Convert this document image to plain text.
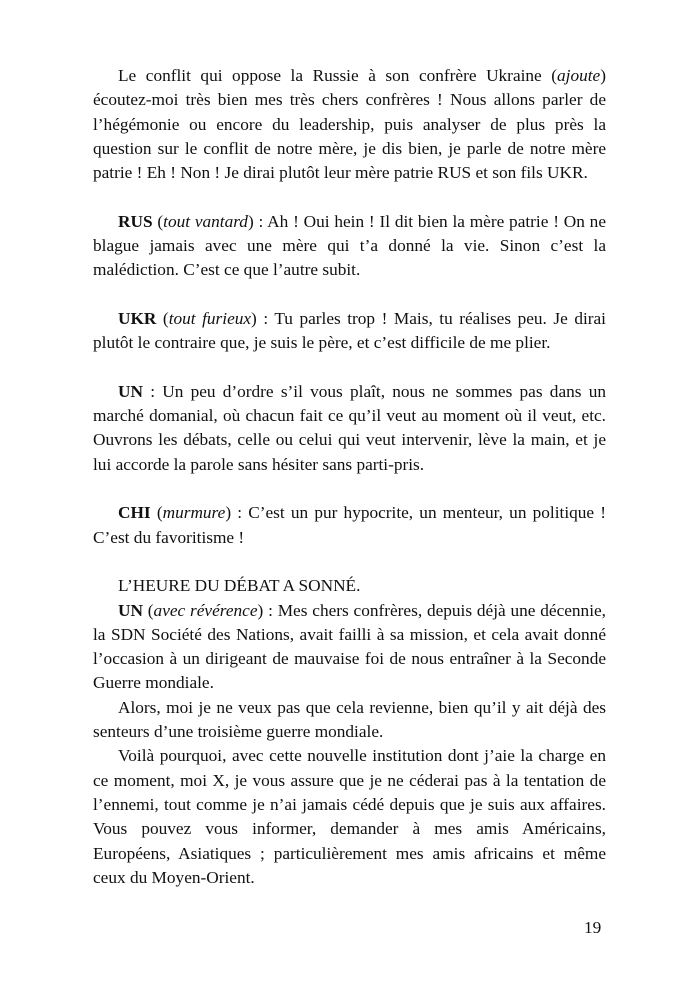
Le conflit qui oppose la Russie à son confrère Ukraine (ajoute) écoutez-moi très bien mes très chers confrères ! Nous allons parler de l’hégémonie ou encore du leadership, puis analyser de plus près la question sur le conflit de notre mère, je dis bien, je parle de notre mère patrie ! Eh ! Non ! Je dirai plutôt leur mère patrie RUS et son fils UKR.

RUS (tout vantard) : Ah ! Oui hein ! Il dit bien la mère patrie ! On ne blague jamais avec une mère qui t’a donné la vie. Sinon c’est la malédiction. C’est ce que l’autre subit.

UKR (tout furieux) : Tu parles trop ! Mais, tu réalises peu. Je dirai plutôt le contraire que, je suis le père, et c’est difficile de me plier.

UN : Un peu d’ordre s’il vous plaît, nous ne sommes pas dans un marché domanial, où chacun fait ce qu’il veut au moment où il veut, etc. Ouvrons les débats, celle ou celui qui veut intervenir, lève la main, et je lui accorde la parole sans hésiter sans parti-pris.

CHI (murmure) : C’est un pur hypocrite, un menteur, un politique ! C’est du favoritisme !

L’HEURE DU DÉBAT A SONNÉ.

UN (avec révérence) : Mes chers confrères, depuis déjà une décennie, la SDN Société des Nations, avait failli à sa mission, et cela avait donné l’occasion à un dirigeant de mauvaise foi de nous entraîner à la Seconde Guerre mondiale.

Alors, moi je ne veux pas que cela revienne, bien qu’il y ait déjà des senteurs d’une troisième guerre mondiale.

Voilà pourquoi, avec cette nouvelle institution dont j’aie la charge en ce moment, moi X, je vous assure que je ne céderai pas à la tentation de l’ennemi, tout comme je n’ai jamais cédé depuis que je suis aux affaires. Vous pouvez vous informer, demander à mes amis Américains, Européens, Asiatiques ; particulièrement mes amis africains et même ceux du Moyen-Orient.

19
